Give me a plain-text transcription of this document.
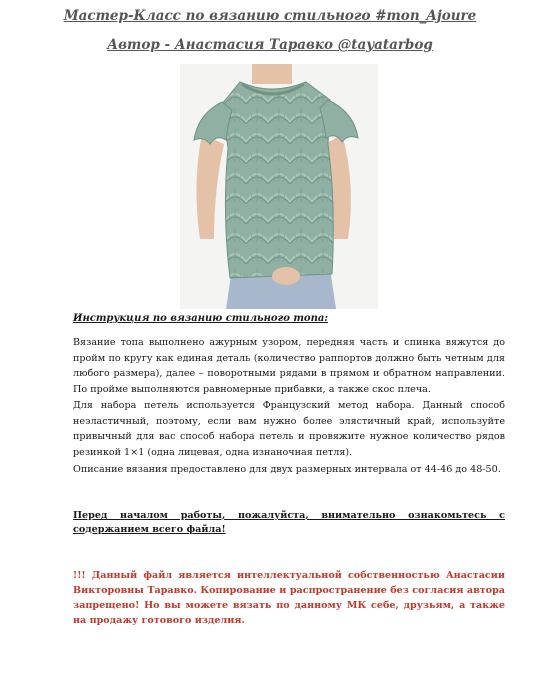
Мастер-Класс по вязанию стильного #топ_Ajoure
Автор - Анастасия Таравко @tayatarbog
Инструкция по вязанию стильного топа:
Вязание топа выполнено ажурным узором, передняя часть и спинка вяжутся до пройм по кругу как единая деталь (количество раппортов должно быть четным для любого размера), далее – поворотными рядами в прямом и обратном направлении. По пройме выполняются равномерные прибавки, а также скос плеча.
Для набора петель используется Французский метод набора. Данный способ неэластичный, поэтому, если вам нужно более элястичный край, используйте привычный для вас способ набора петель и провяжите нужное количество рядов резинкой 1×1 (одна лицевая, одна изнаночная петля).
Описание вязания предоставлено для двух размерных интервала от 44-46 до 48-50.
Перед началом работы, пожалуйста, внимательно ознакомьтесь с содержанием всего файла!
!!! Данный файл является интеллектуальной собственностью Анастасии Викторовны Таравко. Копирование и распространение без согласия автора запрещено! Но вы можете вязать по данному МК себе, друзьям, а также на продажу готового изделия.
